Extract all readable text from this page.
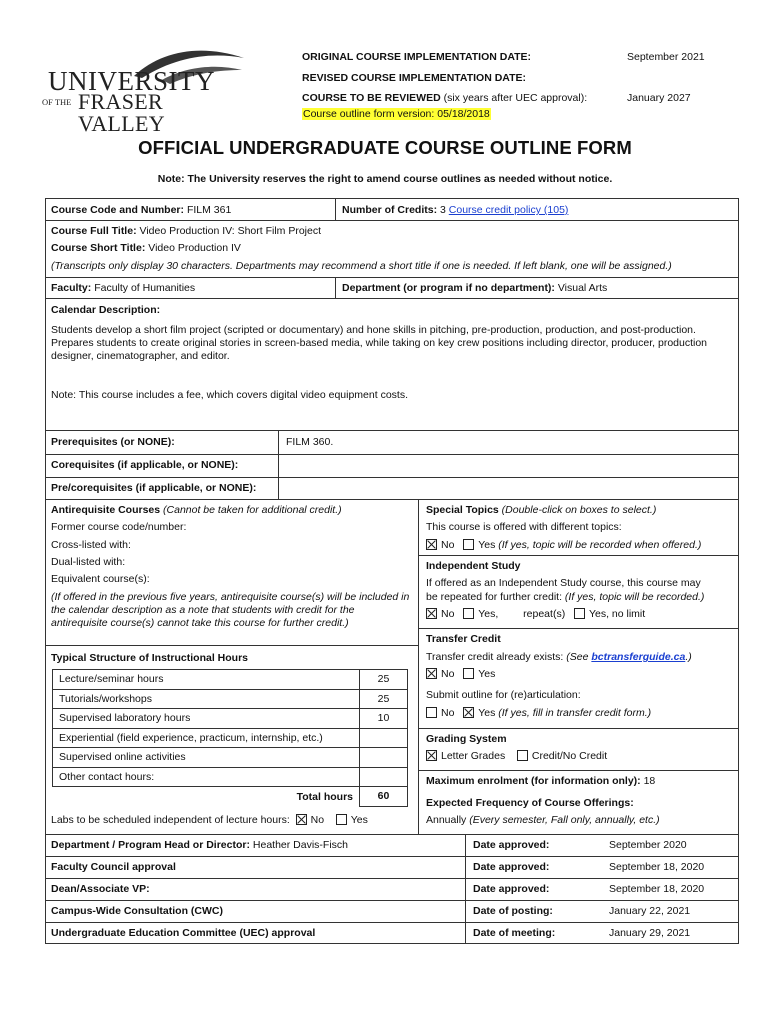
UNIVERSITY
OF THE FRASER VALLEY
ORIGINAL COURSE IMPLEMENTATION DATE:	September 2021
REVISED COURSE IMPLEMENTATION DATE:
COURSE TO BE REVIEWED (six years after UEC approval):	January 2027
Course outline form version: 05/18/2018
OFFICIAL UNDERGRADUATE COURSE OUTLINE FORM
Note: The University reserves the right to amend course outlines as needed without notice.
Course Code and Number: FILM 361	Number of Credits: 3 Course credit policy (105)
Course Full Title: Video Production IV: Short Film Project
Course Short Title: Video Production IV
(Transcripts only display 30 characters. Departments may recommend a short title if one is needed. If left blank, one will be assigned.)
Faculty: Faculty of Humanities	Department (or program if no department): Visual Arts
Calendar Description:
Students develop a short film project (scripted or documentary) and hone skills in pitching, pre-production, production, and post-production. Prepares students to create original stories in screen-based media, while taking on key crew positions including director, producer, production designer, cinematographer, and editor.
Note: This course includes a fee, which covers digital video equipment costs.
Prerequisites (or NONE):	FILM 360.
Corequisites (if applicable, or NONE):
Pre/corequisites (if applicable, or NONE):
Antirequisite Courses (Cannot be taken for additional credit.)
Former course code/number:
Cross-listed with:
Dual-listed with:
Equivalent course(s):
(If offered in the previous five years, antirequisite course(s) will be included in the calendar description as a note that students with credit for the antirequisite course(s) cannot take this course for further credit.)
Special Topics (Double-click on boxes to select.)
This course is offered with different topics:
No Yes (If yes, topic will be recorded when offered.)
Independent Study
If offered as an Independent Study course, this course may
be repeated for further credit: (If yes, topic will be recorded.)
No Yes, repeat(s) Yes, no limit
Transfer Credit
Transfer credit already exists: (See bctransferguide.ca.)
No Yes
Submit outline for (re)articulation:
No Yes (If yes, fill in transfer credit form.)
Grading System
Letter Grades	Credit/No Credit
Maximum enrolment (for information only): 18
Expected Frequency of Course Offerings:
Annually (Every semester, Fall only, annually, etc.)
Typical Structure of Instructional Hours
Lecture/seminar hours	25
Tutorials/workshops	25
Supervised laboratory hours	10
Experiential (field experience, practicum, internship, etc.)	
Supervised online activities	
Other contact hours:	
Total hours	60
Labs to be scheduled independent of lecture hours: No	Yes
Department / Program Head or Director: Heather Davis-Fisch	Date approved:	September 2020
Faculty Council approval	Date approved:	September 18, 2020
Dean/Associate VP:	Date approved:	September 18, 2020
Campus-Wide Consultation (CWC)	Date of posting:	January 22, 2021
Undergraduate Education Committee (UEC) approval	Date of meeting:	January 29, 2021
